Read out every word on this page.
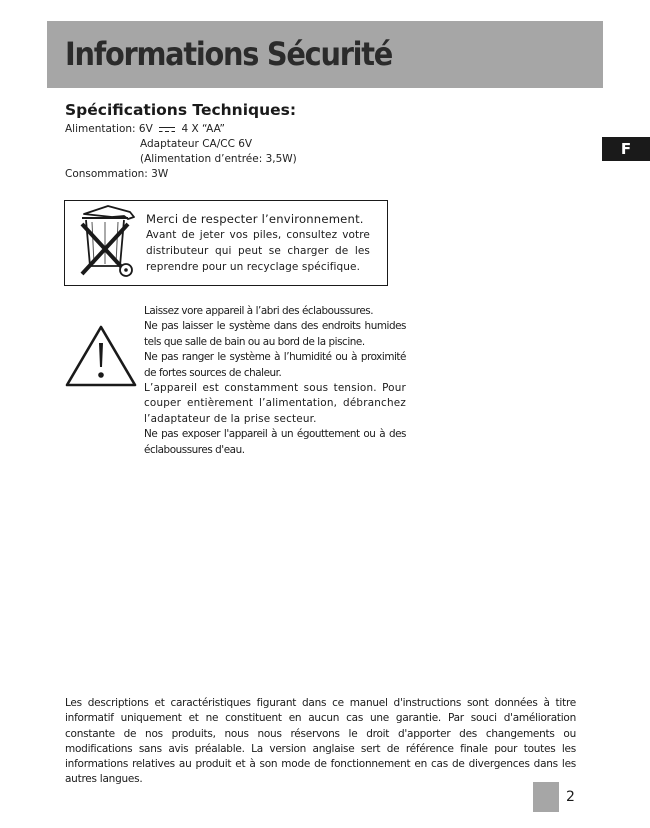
Informations Sécurité
F
Spécifications Techniques:
Alimentation: 6V	4 X “AA”
Adaptateur CA/CC 6V
(Alimentation d’entrée: 3,5W)
Consommation: 3W
Merci de respecter l’environnement.
Avant de jeter vos piles, consultez votre distributeur qui peut se charger de les reprendre pour un recyclage spécifique.

Laissez vore appareil à l’abri des éclaboussures.

Ne pas laisser le système dans des endroits humides tels que salle de bain ou au bord de la piscine.

Ne pas ranger le système à l’humidité ou à proximité de fortes sources de chaleur.

L’appareil est constamment sous tension. Pour couper entièrement l’alimentation, débranchez l’adaptateur de la prise secteur.

Ne pas exposer l'appareil à un égouttement ou à des éclaboussures d'eau.

Les descriptions et caractéristiques figurant dans ce manuel d'instructions sont données à titre informatif uniquement et ne constituent en aucun cas une garantie. Par souci d'amélioration constante de nos produits, nous nous réservons le droit d'apporter des changements ou modifications sans avis préalable. La version anglaise sert de référence finale pour toutes les informations relatives au produit et à son mode de fonctionnement en cas de divergences dans les autres langues.
2
